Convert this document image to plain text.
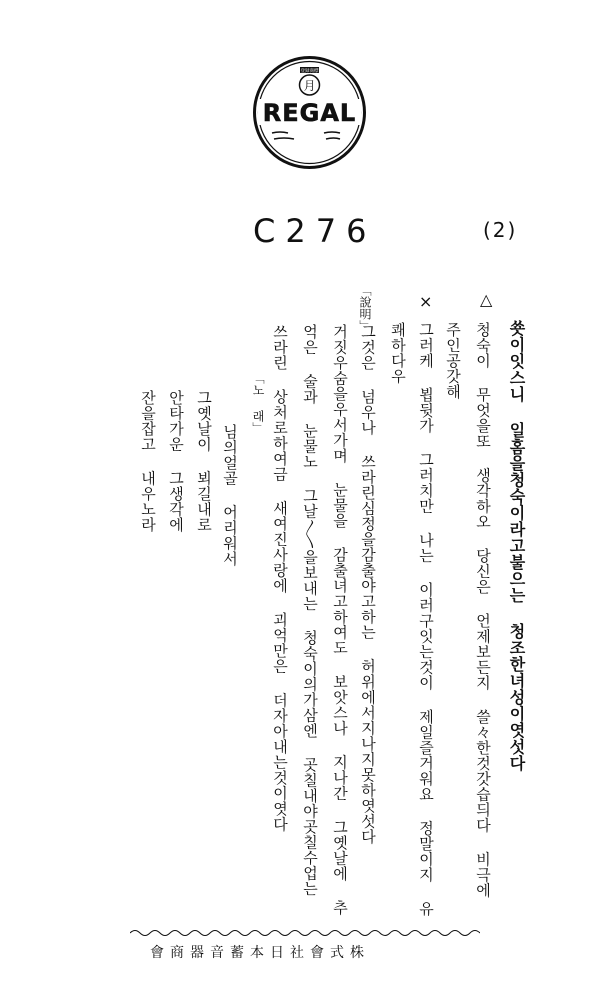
月
登録商標
REGAL
C276	(2)
△
×
「說明」
쑛이잇스니 일홈을청숙이라고불으는 청조한녀성이엿섯다
청숙이 무엇을또 생각하오 당신은 언제보든지 쓸々한것갓습듸다 비극에
주인공갓해
그러케 뵙뒷가 그러치만 나는 이러구잇는것이 제일즐거워요 정말이지 유
쾌하다우
그것은 넘우나 쓰라린심정을감출야고하는 허위에서지나지못하엿섯다
거짓우숨을우서가며 눈물을 감출녀고하여도 보앗스나 지나간 그옛날에 추
억은 술과 눈물노 그날〳〵을보내는 청숙이의가삼엔 곳칠내야곳칠수업는
쓰라린 상처로하여금 새여진사랑에 괴억만은 더자아내는것이엿다
「노 래」
님의얼골 어리워서
그옛날이 뵈길내로
안타가운 그생각에
잔을잡고 내우노라
會商器音蓄本日社會式株
